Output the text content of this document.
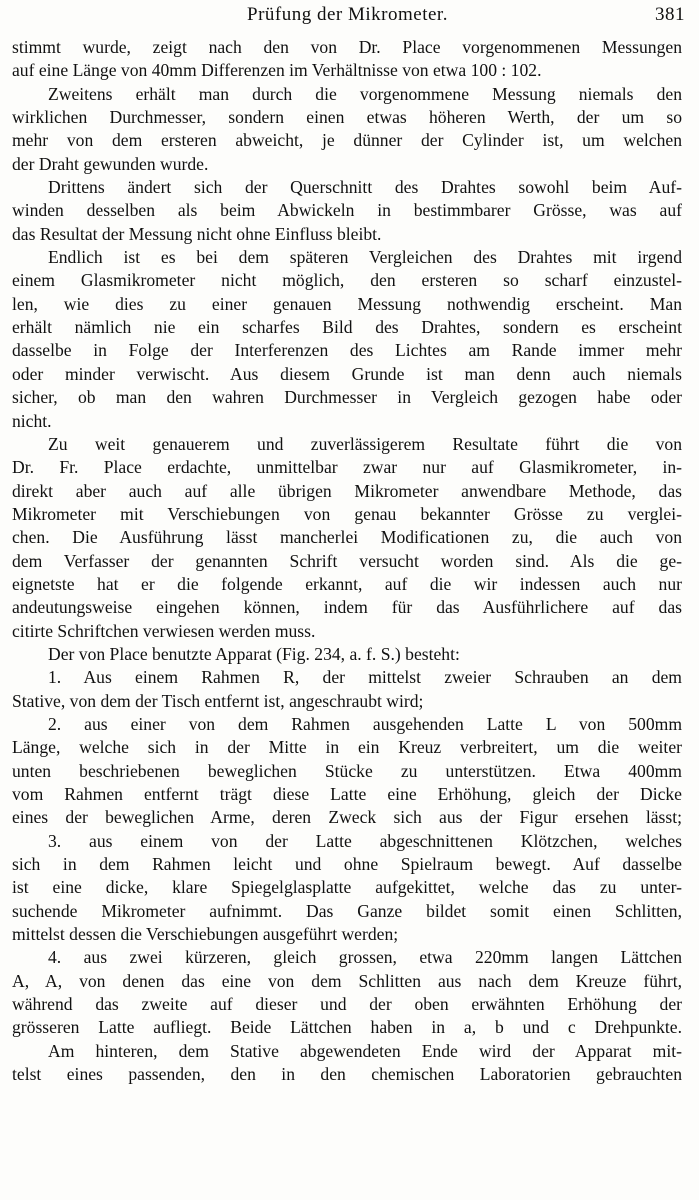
Prüfung der Mikrometer.	381
stimmt wurde, zeigt nach den von Dr. Place vorgenommenen Messungen
auf eine Länge von 40mm Differenzen im Verhältnisse von etwa 100 : 102.
Zweitens erhält man durch die vorgenommene Messung niemals den
wirklichen Durchmesser, sondern einen etwas höheren Werth, der um so
mehr von dem ersteren abweicht, je dünner der Cylinder ist, um welchen
der Draht gewunden wurde.
Drittens ändert sich der Querschnitt des Drahtes sowohl beim Auf-
winden desselben als beim Abwickeln in bestimmbarer Grösse, was auf
das Resultat der Messung nicht ohne Einfluss bleibt.
Endlich ist es bei dem späteren Vergleichen des Drahtes mit irgend
einem Glasmikrometer nicht möglich, den ersteren so scharf einzustel-
len, wie dies zu einer genauen Messung nothwendig erscheint. Man
erhält nämlich nie ein scharfes Bild des Drahtes, sondern es erscheint
dasselbe in Folge der Interferenzen des Lichtes am Rande immer mehr
oder minder verwischt. Aus diesem Grunde ist man denn auch niemals
sicher, ob man den wahren Durchmesser in Vergleich gezogen habe oder
nicht.
Zu weit genauerem und zuverlässigerem Resultate führt die von
Dr. Fr. Place erdachte, unmittelbar zwar nur auf Glasmikrometer, in-
direkt aber auch auf alle übrigen Mikrometer anwendbare Methode, das
Mikrometer mit Verschiebungen von genau bekannter Grösse zu verglei-
chen. Die Ausführung lässt mancherlei Modificationen zu, die auch von
dem Verfasser der genannten Schrift versucht worden sind. Als die ge-
eignetste hat er die folgende erkannt, auf die wir indessen auch nur
andeutungsweise eingehen können, indem für das Ausführlichere auf das
citirte Schriftchen verwiesen werden muss.
Der von Place benutzte Apparat (Fig. 234, a. f. S.) besteht:
1. Aus einem Rahmen R, der mittelst zweier Schrauben an dem
Stative, von dem der Tisch entfernt ist, angeschraubt wird;
2. aus einer von dem Rahmen ausgehenden Latte L von 500mm
Länge, welche sich in der Mitte in ein Kreuz verbreitert, um die weiter
unten beschriebenen beweglichen Stücke zu unterstützen. Etwa 400mm
vom Rahmen entfernt trägt diese Latte eine Erhöhung, gleich der Dicke
eines der beweglichen Arme, deren Zweck sich aus der Figur ersehen lässt;
3. aus einem von der Latte abgeschnittenen Klötzchen, welches
sich in dem Rahmen leicht und ohne Spielraum bewegt. Auf dasselbe
ist eine dicke, klare Spiegelglasplatte aufgekittet, welche das zu unter-
suchende Mikrometer aufnimmt. Das Ganze bildet somit einen Schlitten,
mittelst dessen die Verschiebungen ausgeführt werden;
4. aus zwei kürzeren, gleich grossen, etwa 220mm langen Lättchen
A, A, von denen das eine von dem Schlitten aus nach dem Kreuze führt,
während das zweite auf dieser und der oben erwähnten Erhöhung der
grösseren Latte aufliegt. Beide Lättchen haben in a, b und c Drehpunkte.
Am hinteren, dem Stative abgewendeten Ende wird der Apparat mit-
telst eines passenden, den in den chemischen Laboratorien gebrauchten
